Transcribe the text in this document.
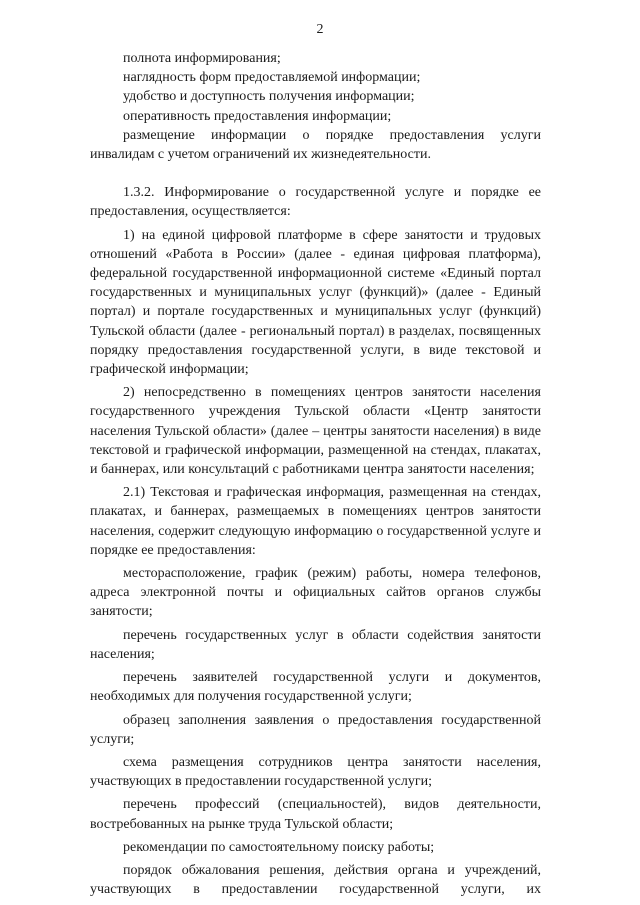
2

полнота информирования;

наглядность форм предоставляемой информации;

удобство и доступность получения информации;

оперативность предоставления информации;

размещение информации о порядке предоставления услуги инвалидам с учетом ограничений их жизнедеятельности.

1.3.2. Информирование о государственной услуге и порядке ее предоставления, осуществляется:

1) на единой цифровой платформе в сфере занятости и трудовых отношений «Работа в России» (далее - единая цифровая платформа), федеральной государственной информационной системе «Единый портал государственных и муниципальных услуг (функций)» (далее - Единый портал) и портале государственных и муниципальных услуг (функций) Тульской области (далее - региональный портал) в разделах, посвященных порядку предоставления государственной услуги, в виде текстовой и графической информации;

2) непосредственно в помещениях центров занятости населения государственного учреждения Тульской области «Центр занятости населения Тульской области» (далее – центры занятости населения) в виде текстовой и графической информации, размещенной на стендах, плакатах, и баннерах, или консультаций с работниками центра занятости населения;

2.1) Текстовая и графическая информация, размещенная на стендах, плакатах, и баннерах, размещаемых в помещениях центров занятости населения, содержит следующую информацию о государственной услуге и порядке ее предоставления:

месторасположение, график (режим) работы, номера телефонов, адреса электронной почты и официальных сайтов органов службы занятости;

перечень государственных услуг в области содействия занятости населения;

перечень заявителей государственной услуги и документов, необходимых для получения государственной услуги;

образец заполнения заявления о предоставления государственной услуги;

схема размещения сотрудников центра занятости населения, участвующих в предоставлении государственной услуги;

перечень профессий (специальностей), видов деятельности, востребованных на рынке труда Тульской области;

рекомендации по самостоятельному поиску работы;

порядок обжалования решения, действия органа и учреждений, участвующих в предоставлении государственной услуги, их
